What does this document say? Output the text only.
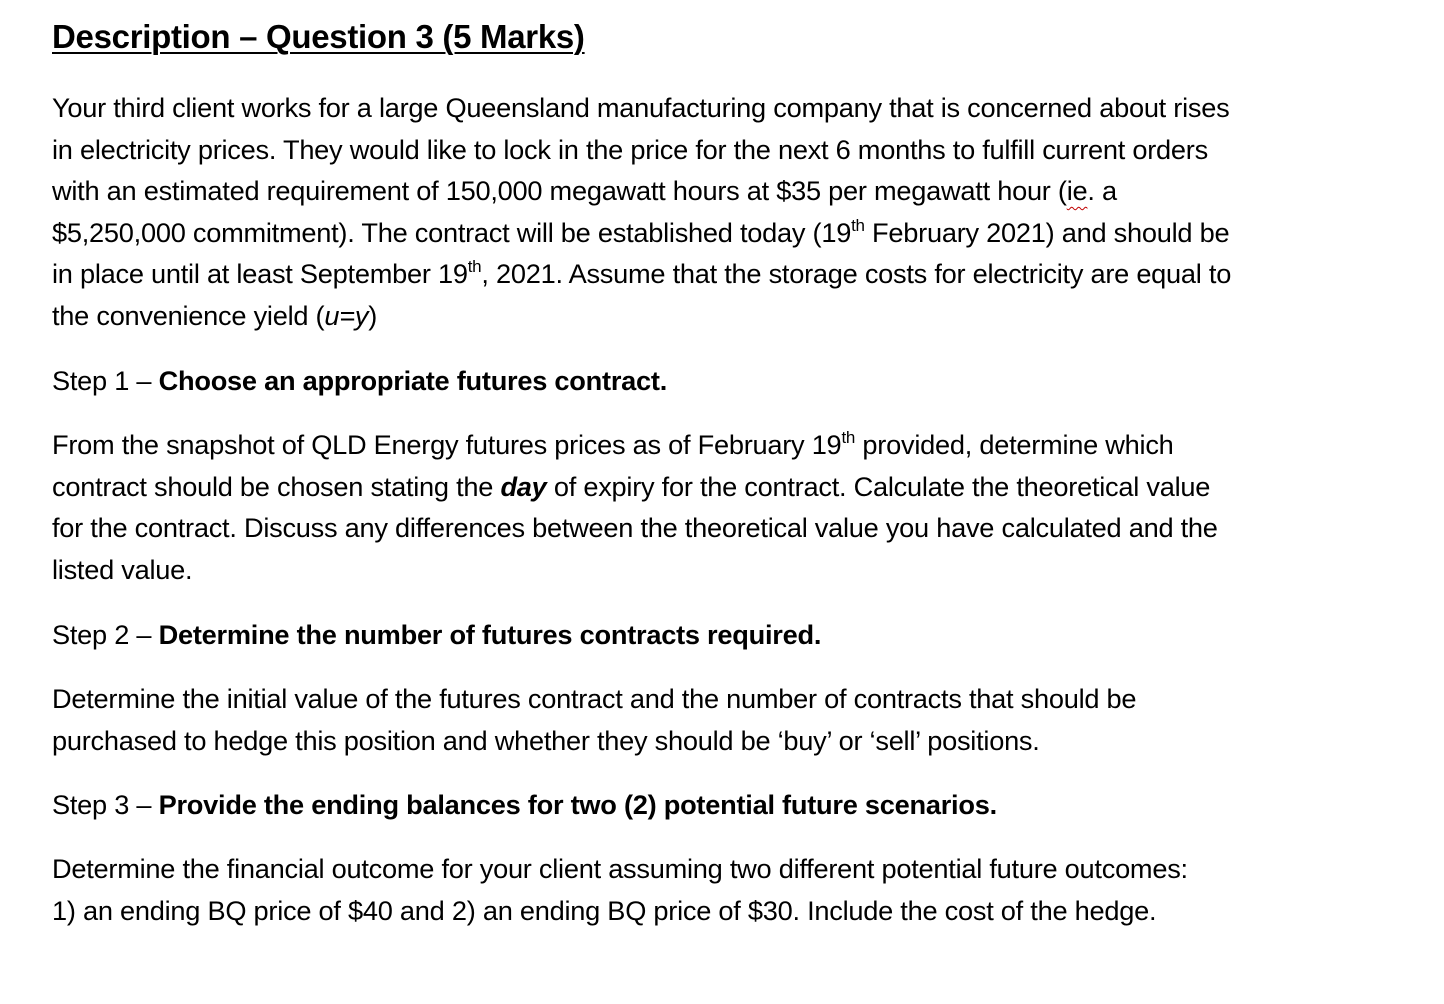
Description – Question 3 (5 Marks)

Your third client works for a large Queensland manufacturing company that is concerned about rises
in electricity prices. They would like to lock in the price for the next 6 months to fulfill current orders
with an estimated requirement of 150,000 megawatt hours at $35 per megawatt hour (ie. a
$5,250,000 commitment). The contract will be established today (19th February 2021) and should be
in place until at least September 19th, 2021. Assume that the storage costs for electricity are equal to
the convenience yield (u=y)

Step 1 – Choose an appropriate futures contract.

From the snapshot of QLD Energy futures prices as of February 19th provided, determine which
contract should be chosen stating the day of expiry for the contract. Calculate the theoretical value
for the contract. Discuss any differences between the theoretical value you have calculated and the
listed value.

Step 2 – Determine the number of futures contracts required.

Determine the initial value of the futures contract and the number of contracts that should be
purchased to hedge this position and whether they should be ‘buy’ or ‘sell’ positions.

Step 3 – Provide the ending balances for two (2) potential future scenarios.

Determine the financial outcome for your client assuming two different potential future outcomes:
1) an ending BQ price of $40 and 2) an ending BQ price of $30. Include the cost of the hedge.
